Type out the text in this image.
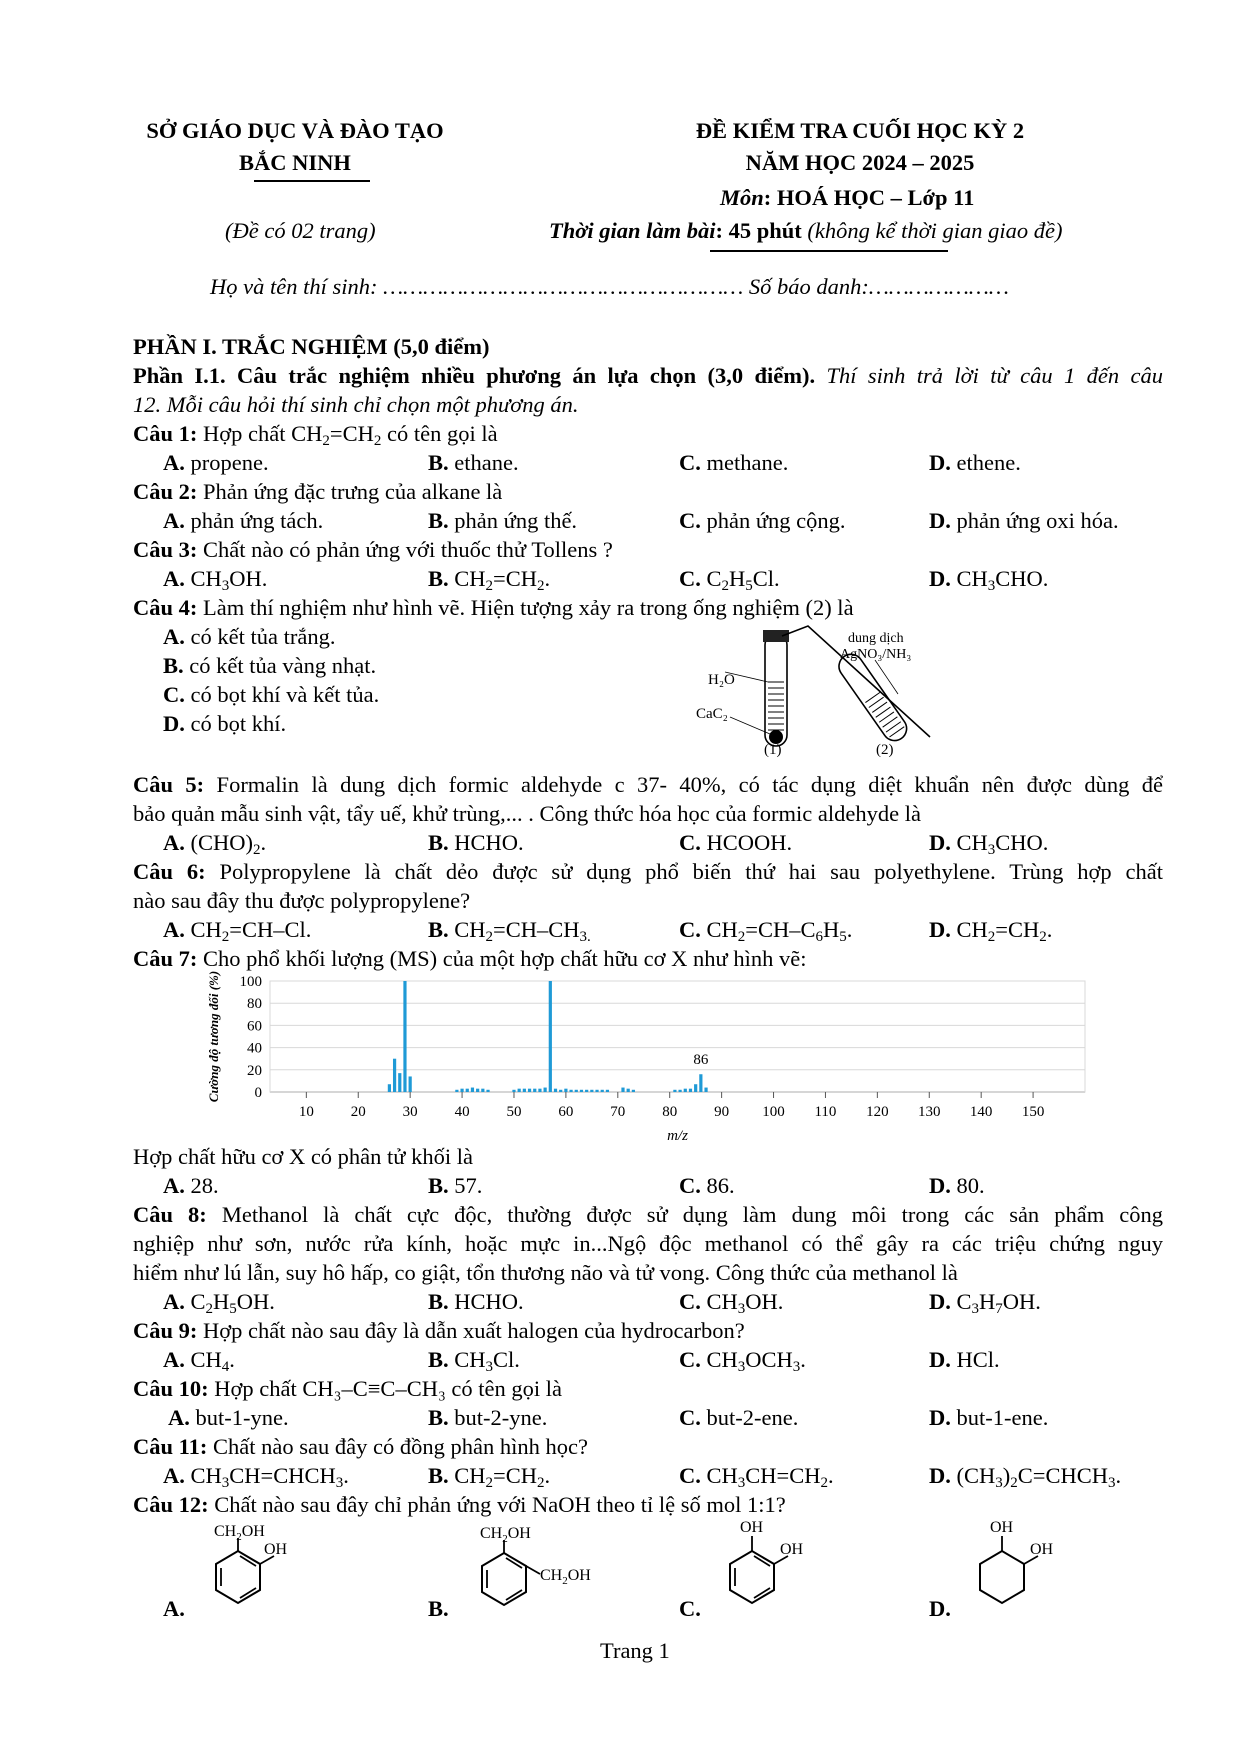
SỞ GIÁO DỤC VÀ ĐÀO TẠO
BẮC NINH
(Đề có 02 trang)
ĐỀ KIỂM TRA CUỐI HỌC KỲ 2
NĂM HỌC 2024 – 2025
Môn: HOÁ HỌC – Lớp 11
Thời gian làm bài: 45 phút (không kể thời gian giao đề)
Họ và tên thí sinh: ……………………………………………… Số báo danh:…………………
PHẦN I. TRẮC NGHIỆM (5,0 điểm)
Phần I.1. Câu trắc nghiệm nhiều phương án lựa chọn (3,0 điểm). Thí sinh trả lời từ câu 1 đến câu
12. Mỗi câu hỏi thí sinh chỉ chọn một phương án.
Câu 1: Hợp chất $CH_2=CH_2$ có tên gọi là
A. propene.	B. ethane.	C. methane.	D. ethene.
Câu 2: Phản ứng đặc trưng của alkane là
A. phản ứng tách.	B. phản ứng thế.	C. phản ứng cộng.	D. phản ứng oxi hóa.
Câu 3: Chất nào có phản ứng với thuốc thử Tollens ?
A. $CH_3OH$.	B. $CH_2=CH_2$.	C. $C_2H_5Cl$.	D. $CH_3CHO$.
Câu 4: Làm thí nghiệm như hình vẽ. Hiện tượng xảy ra trong ống nghiệm (2) là
A. có kết tủa trắng.
B. có kết tủa vàng nhạt.
C. có bọt khí và kết tủa.
D. có bọt khí.
dung dịch
AgNO₃/NH₃
H₂O
CaC₂
(1)	(2)
Câu 5: Formalin là dung dịch formic aldehyde c 37- 40%, có tác dụng diệt khuẩn nên được dùng để
bảo quản mẫu sinh vật, tẩy uế, khử trùng,... . Công thức hóa học của formic aldehyde là
A. $(CHO)_2$.	B. HCHO.	C. HCOOH.	D. $CH_3CHO$.
Câu 6: Polypropylene là chất dẻo được sử dụng phổ biến thứ hai sau polyethylene. Trùng hợp chất
nào sau đây thu được polypropylene?
A. $CH_2=CH-Cl$.	B. $CH_2=CH-CH_{3.}$	C. $CH_2=CH-C_6H_5$.	D. $CH_2=CH_2$.
Câu 7: Cho phổ khối lượng (MS) của một hợp chất hữu cơ X như hình vẽ:
0
20
40
60
80
100
10 20 30 40 50 60 70 80 90 100 110 120 130 140 150
86
m/z
Cường độ tương đối (%)
Hợp chất hữu cơ X có phân tử khối là
A. 28.	B. 57.	C. 86.	D. 80.
Câu 8: Methanol là chất cực độc, thường được sử dụng làm dung môi trong các sản phẩm công
nghiệp như sơn, nước rửa kính, hoặc mực in...Ngộ độc methanol có thể gây ra các triệu chứng nguy
hiểm như lú lẫn, suy hô hấp, co giật, tổn thương não và tử vong. Công thức của methanol là
A. $C_2H_5OH$.	B. HCHO.	C. $CH_3OH$.	D. $C_3H_7OH$.
Câu 9: Hợp chất nào sau đây là dẫn xuất halogen của hydrocarbon?
A. $CH_4$.	B. $CH_3Cl$.	C. $CH_3OCH_3$.	D. HCl.
Câu 10: Hợp chất CH₃–C≡C–CH₃ có tên gọi là
A. but-1-yne.	B. but-2-yne.	C. but-2-ene.	D. but-1-ene.
Câu 11: Chất nào sau đây có đồng phân hình học?
A. $CH_3CH=CHCH_3$.	B. $CH_2=CH_2$.	C. $CH_3CH=CH_2$.	D. $(CH_3)_2C=CHCH_3$.
Câu 12: Chất nào sau đây chỉ phản ứng với NaOH theo tỉ lệ số mol 1:1?
A.
$CH_2OH$
OH
B.
$CH_2OH$
$CH_2OH$
C.
OH
OH
D.
OH
OH
Trang 1
